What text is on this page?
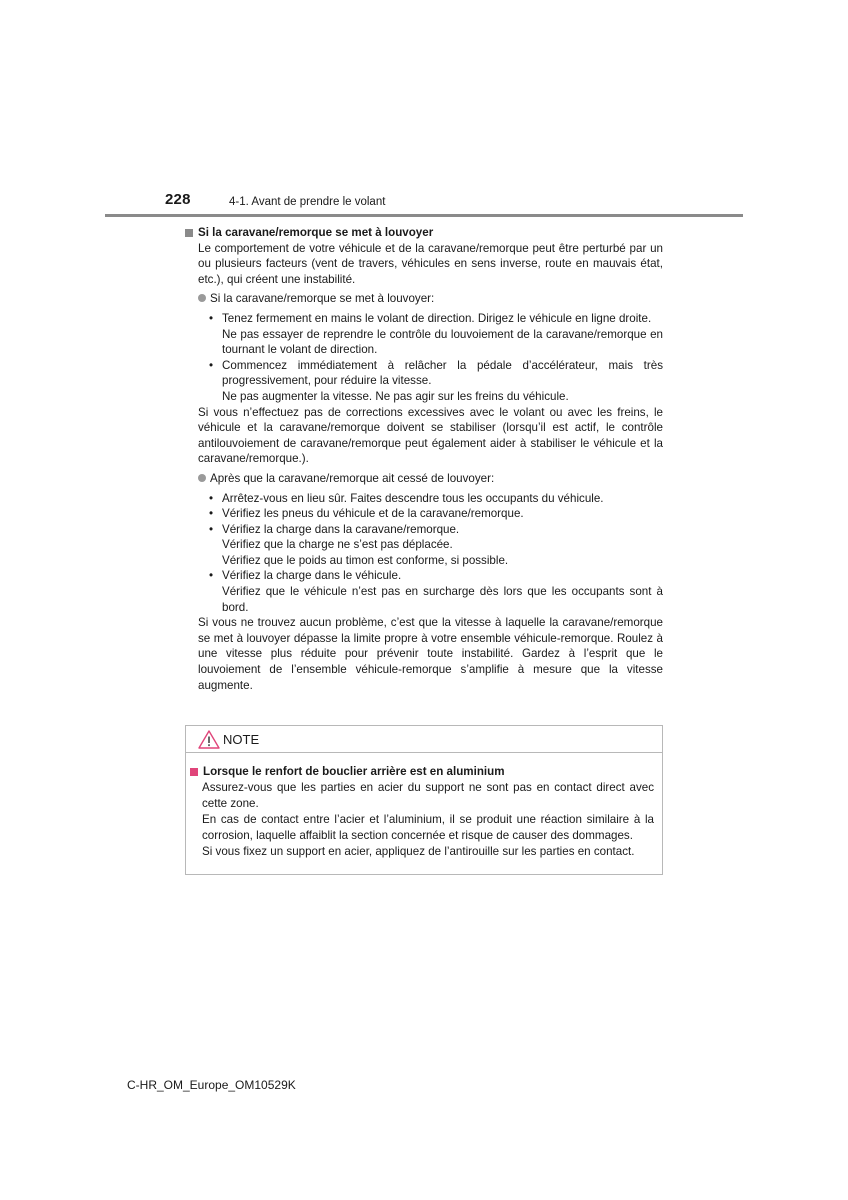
228	4-1. Avant de prendre le volant
Si la caravane/remorque se met à louvoyer
Le comportement de votre véhicule et de la caravane/remorque peut être perturbé par un ou plusieurs facteurs (vent de travers, véhicules en sens inverse, route en mauvais état, etc.), qui créent une instabilité.
Si la caravane/remorque se met à louvoyer:
• Tenez fermement en mains le volant de direction. Dirigez le véhicule en ligne droite.
Ne pas essayer de reprendre le contrôle du louvoiement de la caravane/remorque en tournant le volant de direction.
• Commencez immédiatement à relâcher la pédale d’accélérateur, mais très progressivement, pour réduire la vitesse.
Ne pas augmenter la vitesse. Ne pas agir sur les freins du véhicule.
Si vous n’effectuez pas de corrections excessives avec le volant ou avec les freins, le véhicule et la caravane/remorque doivent se stabiliser (lorsqu’il est actif, le contrôle antilouvoiement de caravane/remorque peut également aider à stabiliser le véhicule et la caravane/remorque.).
Après que la caravane/remorque ait cessé de louvoyer:
• Arrêtez-vous en lieu sûr. Faites descendre tous les occupants du véhicule.
• Vérifiez les pneus du véhicule et de la caravane/remorque.
• Vérifiez la charge dans la caravane/remorque.
Vérifiez que la charge ne s’est pas déplacée.
Vérifiez que le poids au timon est conforme, si possible.
• Vérifiez la charge dans le véhicule.
Vérifiez que le véhicule n’est pas en surcharge dès lors que les occupants sont à bord.
Si vous ne trouvez aucun problème, c’est que la vitesse à laquelle la caravane/remorque se met à louvoyer dépasse la limite propre à votre ensemble véhicule-remorque. Roulez à une vitesse plus réduite pour prévenir toute instabilité. Gardez à l’esprit que le louvoiement de l’ensemble véhicule-remorque s’amplifie à mesure que la vitesse augmente.
NOTE
Lorsque le renfort de bouclier arrière est en aluminium
Assurez-vous que les parties en acier du support ne sont pas en contact direct avec cette zone.
En cas de contact entre l’acier et l’aluminium, il se produit une réaction similaire à la corrosion, laquelle affaiblit la section concernée et risque de causer des dommages.
Si vous fixez un support en acier, appliquez de l’antirouille sur les parties en contact.
C-HR_OM_Europe_OM10529K
